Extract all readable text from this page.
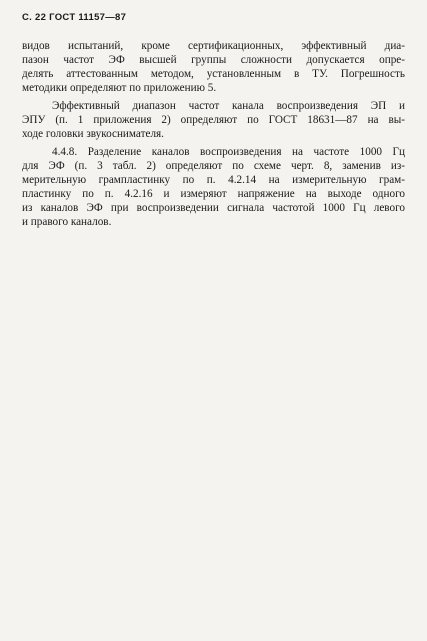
С. 22 ГОСТ 11157—87
видов испытаний, кроме сертификационных, эффективный диа-
пазон частот ЭФ высшей группы сложности допускается опре-
делять аттестованным методом, установленным в ТУ. Погрешность
методики определяют по приложению 5.
Эффективный диапазон частот канала воспроизведения ЭП и
ЭПУ (п. 1 приложения 2) определяют по ГОСТ 18631—87 на вы-
ходе головки звукоснимателя.
4.4.8. Разделение каналов воспроизведения на частоте 1000 Гц
для ЭФ (п. 3 табл. 2) определяют по схеме черт. 8, заменив из-
мерительную грампластинку по п. 4.2.14 на измерительную грам-
пластинку по п. 4.2.16 и измеряют напряжение на выходе одного
из каналов ЭФ при воспроизведении сигнала частотой 1000 Гц левого
и правого каналов.
